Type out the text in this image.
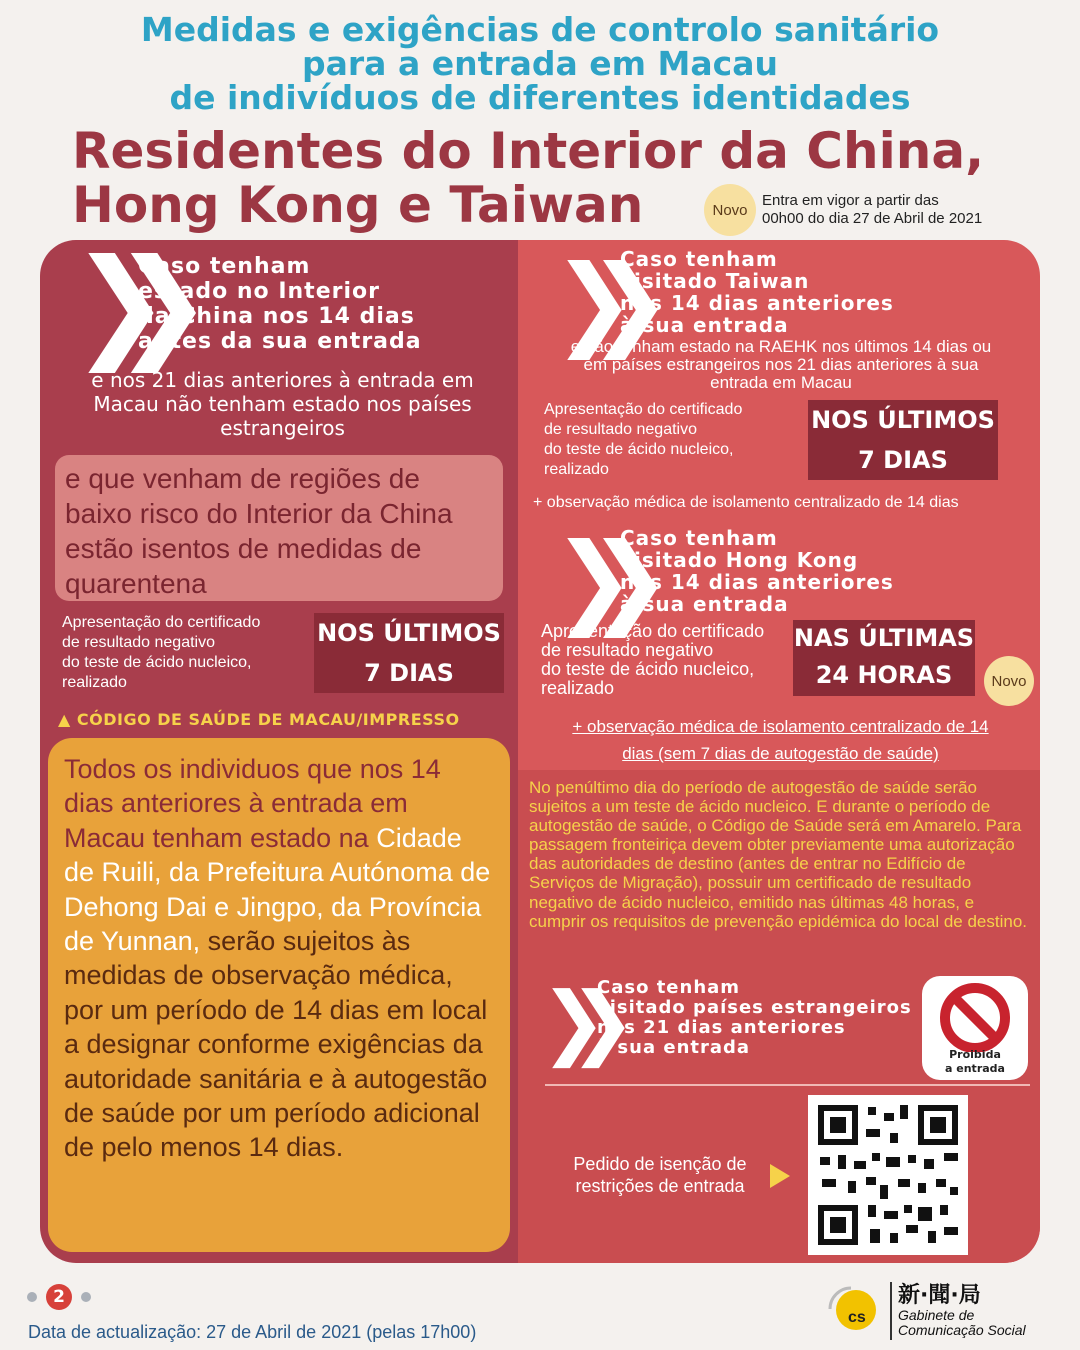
Medidas e exigências de controlo sanitário
para a entrada em Macau
de indivíduos de diferentes identidades
Residentes do Interior da China,
Hong Kong e Taiwan	Novo
Entra em vigor a partir das
00h00 do dia 27 de Abril de 2021
❯❯
Caso tenham
estado no Interior
da China nos 14 dias
antes da sua entrada
e nos 21 dias anteriores à entrada em Macau não tenham estado nos países estrangeiros
e que venham de regiões de baixo risco do Interior da China estão isentos de medidas de quarentena
Apresentação do certificado
de resultado negativo
do teste de ácido nucleico,
realizado
NOS ÚLTIMOS
7 DIAS
▲ CÓDIGO DE SAÚDE DE MACAU/IMPRESSO
Todos os individuos que nos 14 dias anteriores à entrada em Macau tenham estado na Cidade de Ruili, da Prefeitura Autónoma de Dehong Dai e Jingpo, da Província de Yunnan, serão sujeitos às medidas de observação médica, por um período de 14 dias em local a designar conforme exigências da autoridade sanitária e à autogestão de saúde por um período adicional de pelo menos 14 dias.
❯❯
Caso tenham
visitado Taiwan
nos 14 dias anteriores
à sua entrada
e não tenham estado na RAEHK nos últimos 14 dias ou em países estrangeiros nos 21 dias anteriores à sua entrada em Macau
Apresentação do certificado
de resultado negativo
do teste de ácido nucleico,
realizado
NOS ÚLTIMOS
7 DIAS
+ observação médica de isolamento centralizado de 14 dias
❯❯
Caso tenham
visitado Hong Kong
nos 14 dias anteriores
à sua entrada
Apresentação do certificado
de resultado negativo
do teste de ácido nucleico,
realizado
NAS ÚLTIMAS
24 HORAS	Novo
+ observação médica de isolamento centralizado de 14
dias (sem 7 dias de autogestão de saúde)
No penúltimo dia do período de autogestão de saúde serão sujeitos a um teste de ácido nucleico. E durante o período de autogestão de saúde, o Código de Saúde será em Amarelo. Para passagem fronteiriça devem obter previamente uma autorização das autoridades de destino (antes de entrar no Edifício de Serviços de Migração), possuir um certificado de resultado negativo de ácido nucleico, emitido nas últimas 48 horas, e cumprir os requisitos de prevenção epidémica do local de destino.
❯❯
Caso tenham
visitado países estrangeiros
nos 21 dias anteriores
à sua entrada	Proibida
a entrada
Pedido de isenção de
restrições de entrada
2
Data de actualização: 27 de Abril de 2021 (pelas 17h00)
cs
新·聞·局
Gabinete de
Comunicação Social
